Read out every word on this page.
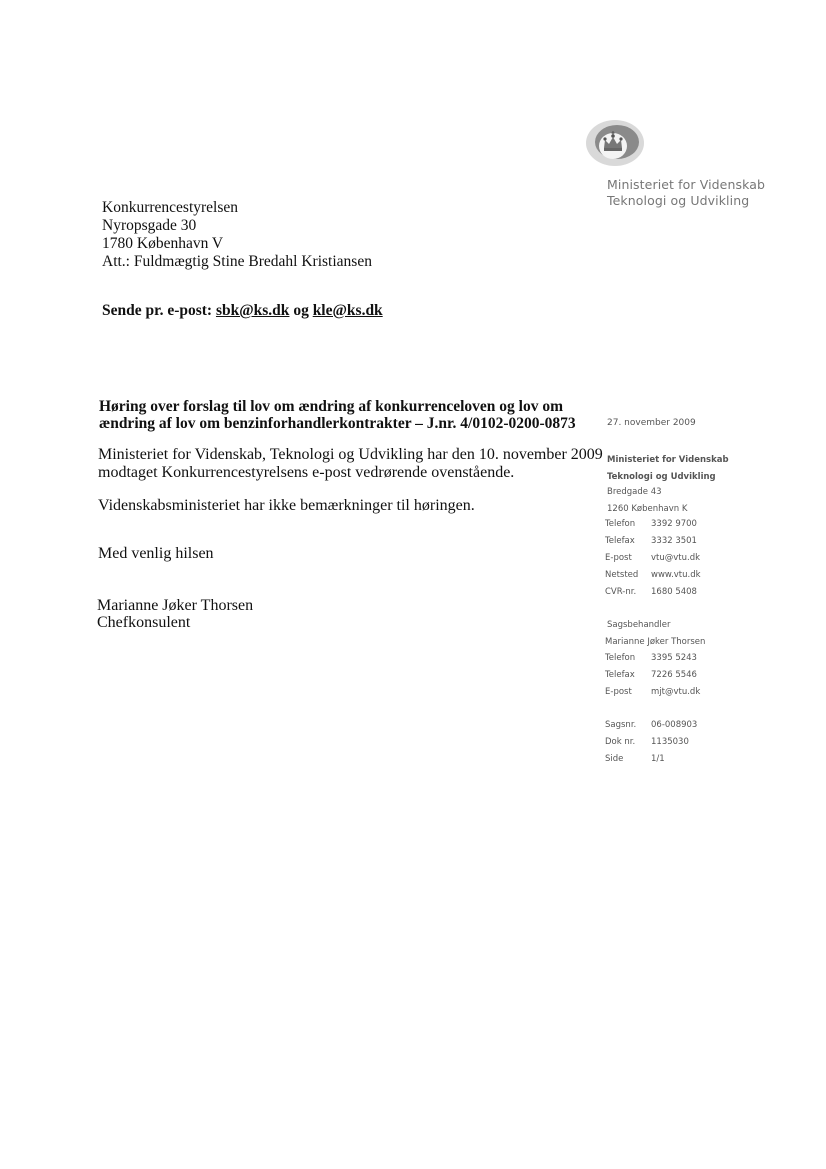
Ministeriet for Videnskab
Teknologi og Udvikling
Konkurrencestyrelsen
Nyropsgade 30
1780 København V
Att.: Fuldmægtig Stine Bredahl Kristiansen
Sende pr. e-post: sbk@ks.dk og kle@ks.dk
Høring over forslag til lov om ændring af konkurrenceloven og lov om
ændring af lov om benzinforhandlerkontrakter – J.nr. 4/0102-0200-0873
Ministeriet for Videnskab, Teknologi og Udvikling har den 10. november 2009
modtaget Konkurrencestyrelsens e-post vedrørende ovenstående.
Videnskabsministeriet har ikke bemærkninger til høringen.
Med venlig hilsen
Marianne Jøker Thorsen
Chefkonsulent
27. november 2009
Ministeriet for Videnskab
Teknologi og Udvikling
Bredgade 43
1260 København K
Telefon	3392 9700
Telefax	3332 3501
E-post	vtu@vtu.dk
Netsted	www.vtu.dk
CVR-nr.	1680 5408
Sagsbehandler
Marianne Jøker Thorsen
Telefon	3395 5243
Telefax	7226 5546
E-post	mjt@vtu.dk
Sagsnr.	06-008903
Dok nr.	1135030
Side	1/1
